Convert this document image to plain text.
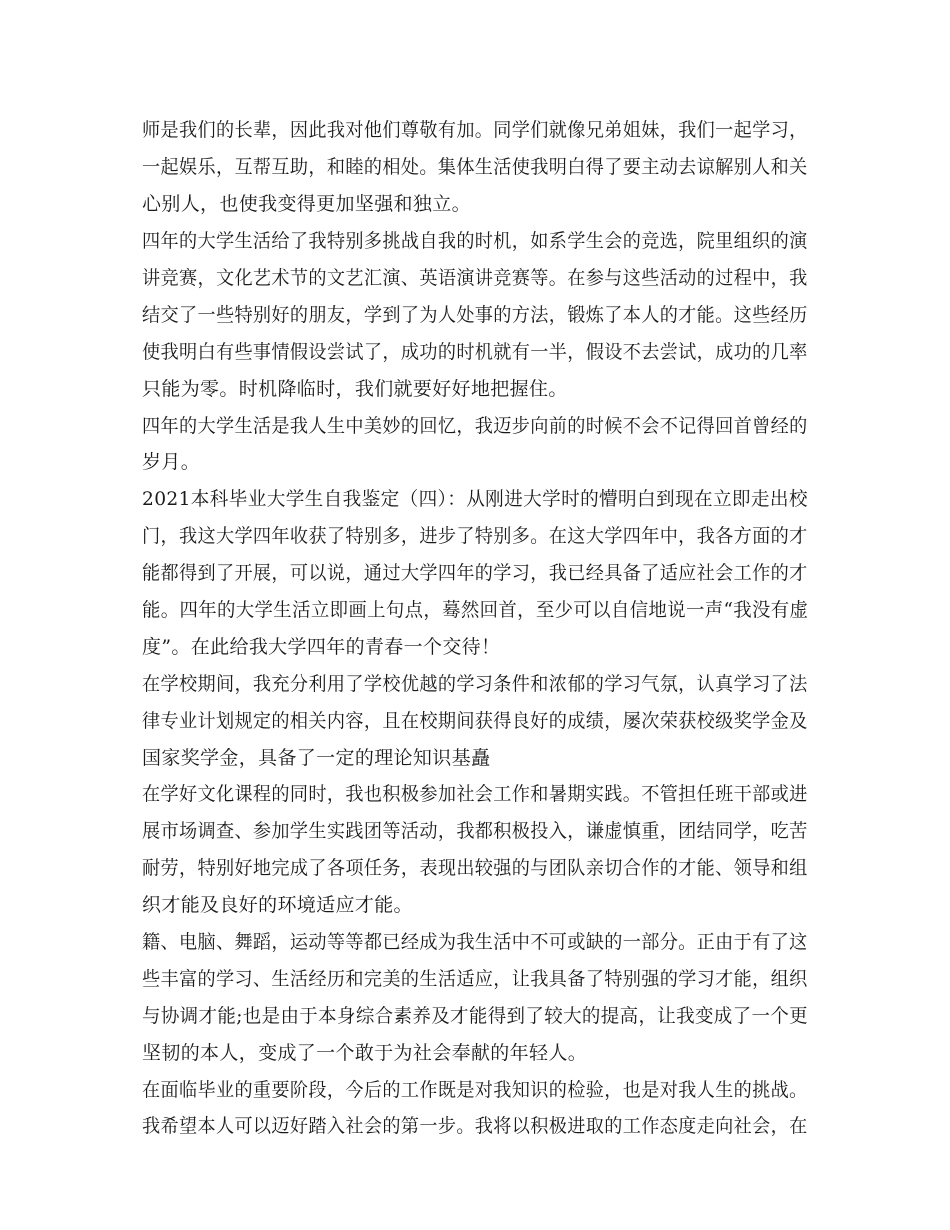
师是我们的长辈，因此我对他们尊敬有加。同学们就像兄弟姐妹，我们一起学习，
一起娱乐，互帮互助，和睦的相处。集体生活使我明白得了要主动去谅解别人和关
心别人，也使我变得更加坚强和独立。
四年的大学生活给了我特别多挑战自我的时机，如系学生会的竞选，院里组织的演
讲竞赛，文化艺术节的文艺汇演、英语演讲竞赛等。在参与这些活动的过程中，我
结交了一些特别好的朋友，学到了为人处事的方法，锻炼了本人的才能。这些经历
使我明白有些事情假设尝试了，成功的时机就有一半，假设不去尝试，成功的几率
只能为零。时机降临时，我们就要好好地把握住。
四年的大学生活是我人生中美妙的回忆，我迈步向前的时候不会不记得回首曾经的
岁月。
2021本科毕业大学生自我鉴定（四）：从刚进大学时的懵明白到现在立即走出校
门，我这大学四年收获了特别多，进步了特别多。在这大学四年中，我各方面的才
能都得到了开展，可以说，通过大学四年的学习，我已经具备了适应社会工作的才
能。四年的大学生活立即画上句点，蓦然回首，至少可以自信地说一声“我没有虚
度”。在此给我大学四年的青春一个交待！
在学校期间，我充分利用了学校优越的学习条件和浓郁的学习气氛，认真学习了法
律专业计划规定的相关内容，且在校期间获得良好的成绩，屡次荣获校级奖学金及
国家奖学金，具备了一定的理论知识基矗
在学好文化课程的同时，我也积极参加社会工作和暑期实践。不管担任班干部或进
展市场调查、参加学生实践团等活动，我都积极投入，谦虚慎重，团结同学，吃苦
耐劳，特别好地完成了各项任务，表现出较强的与团队亲切合作的才能、领导和组
织才能及良好的环境适应才能。
籍、电脑、舞蹈，运动等等都已经成为我生活中不可或缺的一部分。正由于有了这
些丰富的学习、生活经历和完美的生活适应，让我具备了特别强的学习才能，组织
与协调才能;也是由于本身综合素养及才能得到了较大的提高，让我变成了一个更
坚韧的本人，变成了一个敢于为社会奉献的年轻人。
在面临毕业的重要阶段，今后的工作既是对我知识的检验，也是对我人生的挑战。
我希望本人可以迈好踏入社会的第一步。我将以积极进取的工作态度走向社会，在
